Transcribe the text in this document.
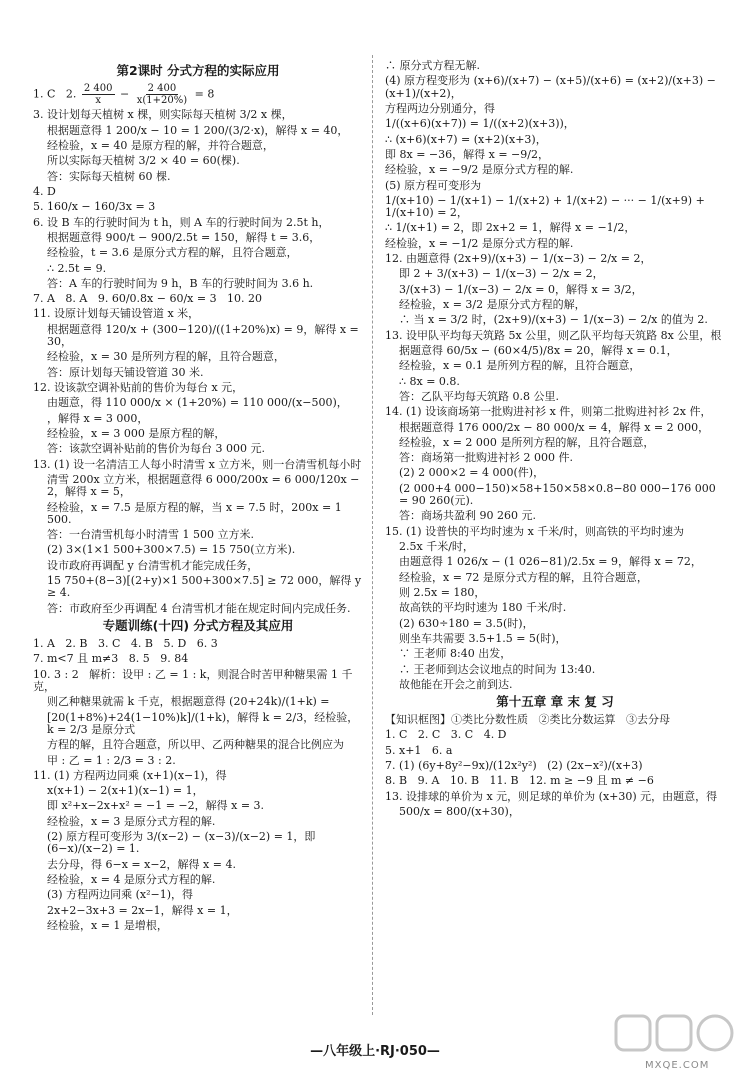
第2课时 分式方程的实际应用
1. C   2. $\frac{2 400}{x} - \frac{2 400}{x(1+20\%)} = 8$
3. 设计划每天植树 x 棵，则实际每天植树 3/2 x 棵，
根据题意得 1 200/x − 10 = 1 200/(3/2·x)，解得 x = 40，
经检验，x = 40 是原方程的解，并符合题意，
所以实际每天植树 3/2 × 40 = 60(棵).
答：实际每天植树 60 棵.
4. D
5. 160/x − 160/3x = 3
6. 设 B 车的行驶时间为 t h，则 A 车的行驶时间为 2.5t h，
根据题意得 900/t − 900/2.5t = 150，解得 t = 3.6，
经检验，t = 3.6 是原分式方程的解，且符合题意，
∴ 2.5t = 9.
答：A 车的行驶时间为 9 h，B 车的行驶时间为 3.6 h.
7. A   8. A   9. 60/0.8x − 60/x = 3   10. 20
11. 设原计划每天铺设管道 x 米，
根据题意得 120/x + (300−120)/((1+20%)x) = 9，解得 x = 30，
经检验，x = 30 是所列方程的解，且符合题意，
答：原计划每天铺设管道 30 米.
12. 设该款空调补贴前的售价为每台 x 元，
由题意，得 110 000/x × (1+20%) = 110 000/(x−500)，
，解得 x = 3 000，
经检验，x = 3 000 是原方程的解，
答：该款空调补贴前的售价为每台 3 000 元.
13. (1) 设一名清洁工人每小时清雪 x 立方米，则一台清雪机每小时
清雪 200x 立方米，根据题意得 6 000/200x = 6 000/120x − 2，解得 x = 5，
经检验，x = 7.5 是原方程的解，当 x = 7.5 时，200x = 1 500.
答：一台清雪机每小时清雪 1 500 立方米.
(2) 3×(1×1 500+300×7.5) = 15 750(立方米).
设市政府再调配 y 台清雪机才能完成任务，
15 750+(8−3)[(2+y)×1 500+300×7.5] ≥ 72 000，解得 y ≥ 4.
答：市政府至少再调配 4 台清雪机才能在规定时间内完成任务.
专题训练(十四) 分式方程及其应用
1. A   2. B   3. C   4. B   5. D   6. 3
7. m<7 且 m≠3   8. 5   9. 84
10. 3 : 2   解析：设甲 : 乙 = 1 : k，则混合时苦甲种糖果需 1 千克，
则乙种糖果就需 k 千克，根据题意得 (20+24k)/(1+k) =
[20(1+8%)+24(1−10%)k]/(1+k)，解得 k = 2/3，经检验，k = 2/3 是原分式
方程的解，且符合题意，所以甲、乙两种糖果的混合比例应为
甲 : 乙 = 1 : 2/3 = 3 : 2.
11. (1) 方程两边同乘 (x+1)(x−1)，得
x(x+1) − 2(x+1)(x−1) = 1，
即 x²+x−2x+x² = −1 = −2，解得 x = 3.
经检验，x = 3 是原分式方程的解.
(2) 原方程可变形为 3/(x−2) − (x−3)/(x−2) = 1，即 (6−x)/(x−2) = 1.
去分母，得 6−x = x−2，解得 x = 4.
经检验，x = 4 是原分式方程的解.
(3) 方程两边同乘 (x²−1)，得
2x+2−3x+3 = 2x−1，解得 x = 1，
经检验，x = 1 是增根，
∴ 原分式方程无解.
(4) 原方程变形为 (x+6)/(x+7) − (x+5)/(x+6) = (x+2)/(x+3) − (x+1)/(x+2)，
方程两边分别通分，得
1/((x+6)(x+7)) = 1/((x+2)(x+3))，
∴ (x+6)(x+7) = (x+2)(x+3)，
即 8x = −36，解得 x = −9/2，
经检验，x = −9/2 是原分式方程的解.
(5) 原方程可变形为
1/(x+10) − 1/(x+1) − 1/(x+2) + 1/(x+2) − ··· − 1/(x+9) + 1/(x+10) = 2，
∴ 1/(x+1) = 2，即 2x+2 = 1，解得 x = −1/2，
经检验，x = −1/2 是原分式方程的解.
12. 由题意得 (2x+9)/(x+3) − 1/(x−3) − 2/x = 2，
即 2 + 3/(x+3) − 1/(x−3) − 2/x = 2，
3/(x+3) − 1/(x−3) − 2/x = 0，解得 x = 3/2，
经检验，x = 3/2 是原分式方程的解，
∴ 当 x = 3/2 时，(2x+9)/(x+3) − 1/(x−3) − 2/x 的值为 2.
13. 设甲队平均每天筑路 5x 公里，则乙队平均每天筑路 8x 公里，根
据题意得 60/5x − (60×4/5)/8x = 20，解得 x = 0.1，
经检验，x = 0.1 是所列方程的解，且符合题意，
∴ 8x = 0.8.
答：乙队平均每天筑路 0.8 公里.
14. (1) 设该商场第一批购进衬衫 x 件，则第二批购进衬衫 2x 件，
根据题意得 176 000/2x − 80 000/x = 4，解得 x = 2 000，
经检验，x = 2 000 是所列方程的解，且符合题意，
答：商场第一批购进衬衫 2 000 件.
(2) 2 000×2 = 4 000(件)，
(2 000+4 000−150)×58+150×58×0.8−80 000−176 000 = 90 260(元).
答：商场共盈利 90 260 元.
15. (1) 设普快的平均时速为 x 千米/时，则高铁的平均时速为
2.5x 千米/时，
由题意得 1 026/x − (1 026−81)/2.5x = 9，解得 x = 72，
经检验，x = 72 是原分式方程的解，且符合题意，
则 2.5x = 180，
故高铁的平均时速为 180 千米/时.
(2) 630÷180 = 3.5(时)，
则坐车共需要 3.5+1.5 = 5(时)，
∵ 王老师 8:40 出发，
∴ 王老师到达会议地点的时间为 13:40.
故他能在开会之前到达.
第十五章 章 末 复 习
【知识框图】①类比分数性质   ②类比分数运算   ③去分母
1. C   2. C   3. C   4. D
5. x+1   6. a
7. (1) (6y+8y²−9x)/(12x²y²)   (2) (2x−x²)/(x+3)
8. B   9. A   10. B   11. B   12. m ≥ −9 且 m ≠ −6
13. 设排球的单价为 x 元，则足球的单价为 (x+30) 元，由题意，得
500/x = 800/(x+30)，
—八年级上·RJ·050—
MXQE.COM
